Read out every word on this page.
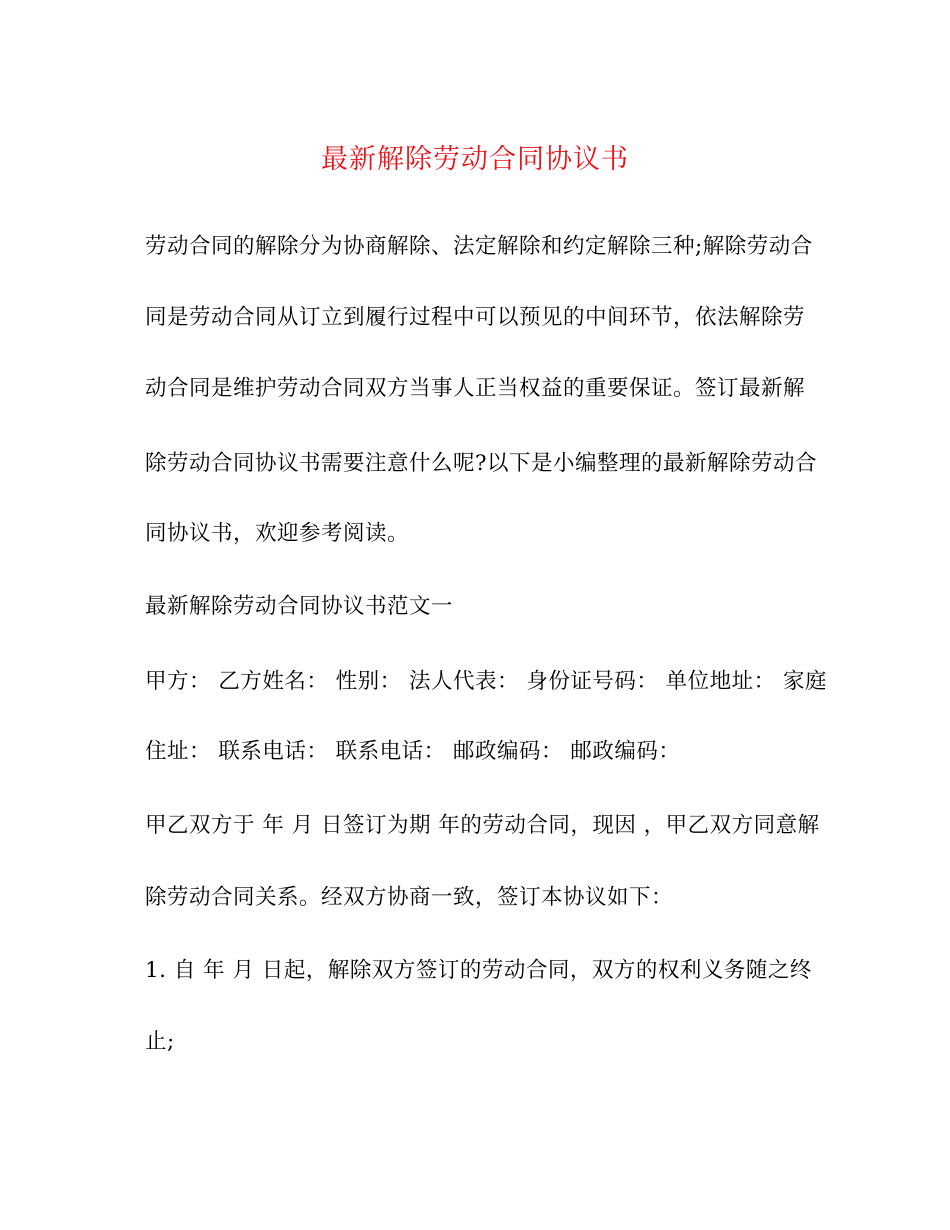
最新解除劳动合同协议书
劳动合同的解除分为协商解除、法定解除和约定解除三种;解除劳动合
同是劳动合同从订立到履行过程中可以预见的中间环节，依法解除劳
动合同是维护劳动合同双方当事人正当权益的重要保证。签订最新解
除劳动合同协议书需要注意什么呢?以下是小编整理的最新解除劳动合
同协议书，欢迎参考阅读。
最新解除劳动合同协议书范文一
甲方： 乙方姓名： 性别： 法人代表： 身份证号码： 单位地址： 家庭
住址： 联系电话： 联系电话： 邮政编码： 邮政编码：
甲乙双方于 年 月 日签订为期 年的劳动合同，现因 ，甲乙双方同意解
除劳动合同关系。经双方协商一致，签订本协议如下：
1. 自 年 月 日起，解除双方签订的劳动合同，双方的权利义务随之终
止;
